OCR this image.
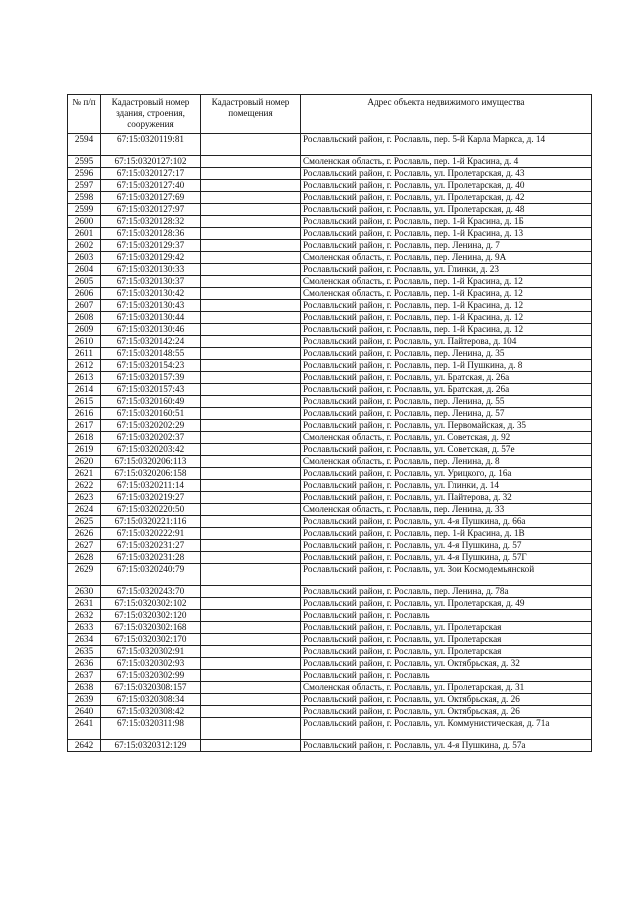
№ п/п	Кадастровый номер здания, строения, сооружения	Кадастровый номер помещения	Адрес объекта недвижимого имущества
2594	67:15:0320119:81		Рославльский район, г. Рославль, пер. 5-й Карла Маркса, д. 14
2595	67:15:0320127:102		Смоленская область, г. Рославль, пер. 1-й Красина, д. 4
2596	67:15:0320127:17		Рославльский район, г. Рославль, ул. Пролетарская, д. 43
2597	67:15:0320127:40		Рославльский район, г. Рославль, ул. Пролетарская, д. 40
2598	67:15:0320127:69		Рославльский район, г. Рославль, ул. Пролетарская, д. 42
2599	67:15:0320127:97		Рославльский район, г. Рославль, ул. Пролетарская, д. 48
2600	67:15:0320128:32		Рославльский район, г. Рославль, пер. 1-й Красина, д. 1Б
2601	67:15:0320128:36		Рославльский район, г. Рославль, пер. 1-й Красина, д. 13
2602	67:15:0320129:37		Рославльский район, г. Рославль, пер. Ленина, д. 7
2603	67:15:0320129:42		Смоленская область, г. Рославль, пер. Ленина, д. 9А
2604	67:15:0320130:33		Рославльский район, г. Рославль, ул. Глинки, д. 23
2605	67:15:0320130:37		Смоленская область, г. Рославль, пер. 1-й Красина, д. 12
2606	67:15:0320130:42		Смоленская область, г. Рославль, пер. 1-й Красина, д. 12
2607	67:15:0320130:43		Рославльский район, г. Рославль, пер. 1-й Красина, д. 12
2608	67:15:0320130:44		Рославльский район, г. Рославль, пер. 1-й Красина, д. 12
2609	67:15:0320130:46		Рославльский район, г. Рославль, пер. 1-й Красина, д. 12
2610	67:15:0320142:24		Рославльский район, г. Рославль, ул. Пайтерова, д. 104
2611	67:15:0320148:55		Рославльский район, г. Рославль, пер. Ленина, д. 35
2612	67:15:0320154:23		Рославльский район, г. Рославль, пер. 1-й Пушкина, д. 8
2613	67:15:0320157:39		Рославльский район, г. Рославль, ул. Братская, д. 26а
2614	67:15:0320157:43		Рославльский район, г. Рославль, ул. Братская, д. 26а
2615	67:15:0320160:49		Рославльский район, г. Рославль, пер. Ленина, д. 55
2616	67:15:0320160:51		Рославльский район, г. Рославль, пер. Ленина, д. 57
2617	67:15:0320202:29		Рославльский район, г. Рославль, ул. Первомайская, д. 35
2618	67:15:0320202:37		Смоленская область, г. Рославль, ул. Советская, д. 92
2619	67:15:0320203:42		Рославльский район, г. Рославль, ул. Советская, д. 57е
2620	67:15:0320206:113		Смоленская область, г. Рославль, пер. Ленина, д. 8
2621	67:15:0320206:158		Рославльский район, г. Рославль, ул. Урицкого, д. 16а
2622	67:15:0320211:14		Рославльский район, г. Рославль, ул. Глинки, д. 14
2623	67:15:0320219:27		Рославльский район, г. Рославль, ул. Пайтерова, д. 32
2624	67:15:0320220:50		Смоленская область, г. Рославль, пер. Ленина, д. 33
2625	67:15:0320221:116		Рославльский район, г. Рославль, ул. 4-я Пушкина, д. 66а
2626	67:15:0320222:91		Рославльский район, г. Рославль, пер. 1-й Красина, д. 1В
2627	67:15:0320231:27		Рославльский район, г. Рославль, ул. 4-я Пушкина, д. 57
2628	67:15:0320231:28		Рославльский район, г. Рославль, ул. 4-я Пушкина, д. 57Г
2629	67:15:0320240:79		Рославльский район, г. Рославль, ул. Зои Космодемьянской
2630	67:15:0320243:70		Рославльский район, г. Рославль, пер. Ленина, д. 78а
2631	67:15:0320302:102		Рославльский район, г. Рославль, ул. Пролетарская, д. 49
2632	67:15:0320302:120		Рославльский район, г. Рославль
2633	67:15:0320302:168		Рославльский район, г. Рославль, ул. Пролетарская
2634	67:15:0320302:170		Рославльский район, г. Рославль, ул. Пролетарская
2635	67:15:0320302:91		Рославльский район, г. Рославль, ул. Пролетарская
2636	67:15:0320302:93		Рославльский район, г. Рославль, ул. Октябрьская, д. 32
2637	67:15:0320302:99		Рославльский район, г. Рославль
2638	67:15:0320308:157		Смоленская область, г. Рославль, ул. Пролетарская, д. 31
2639	67:15:0320308:34		Рославльский район, г. Рославль, ул. Октябрьская, д. 26
2640	67:15:0320308:42		Рославльский район, г. Рославль, ул. Октябрьская, д. 26
2641	67:15:0320311:98		Рославльский район, г. Рославль, ул. Коммунистическая, д. 71а
2642	67:15:0320312:129		Рославльский район, г. Рославль, ул. 4-я Пушкина, д. 57а
